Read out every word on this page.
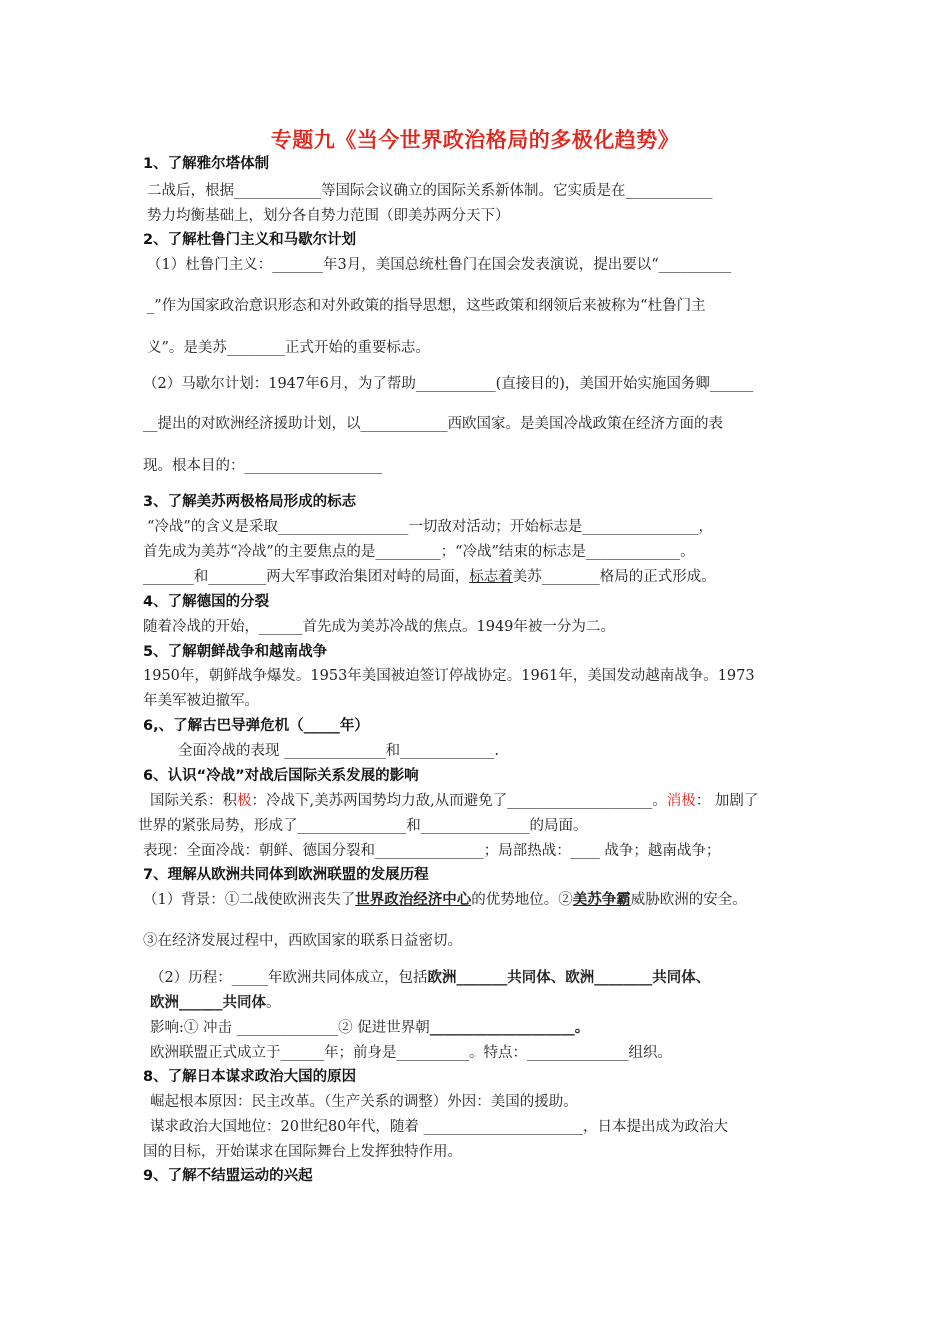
专题九《当今世界政治格局的多极化趋势》
1、了解雅尔塔体制
二战后，根据____________等国际会议确立的国际关系新体制。它实质是在____________
势力均衡基础上，划分各自势力范围（即美苏两分天下）
2、了解杜鲁门主义和马歇尔计划
（1）杜鲁门主义：_______年3月，美国总统杜鲁门在国会发表演说，提出要以“__________
_”作为国家政治意识形态和对外政策的指导思想，这些政策和纲领后来被称为“杜鲁门主
义”。是美苏________正式开始的重要标志。
（2）马歇尔计划：1947年6月，为了帮助___________(直接目的)，美国开始实施国务卿______
__提出的对欧洲经济援助计划，以____________西欧国家。是美国冷战政策在经济方面的表
现。根本目的：___________________
3、了解美苏两极格局形成的标志
“冷战”的含义是采取__________________一切敌对活动；开始标志是________________，
首先成为美苏“冷战”的主要焦点的是_________；“冷战”结束的标志是_____________。
_______和________两大军事政治集团对峙的局面，标志着美苏________格局的正式形成。
4、了解德国的分裂
随着冷战的开始，______首先成为美苏冷战的焦点。1949年被一分为二。
5、了解朝鲜战争和越南战争
1950年，朝鲜战争爆发。1953年美国被迫签订停战协定。1961年，美国发动越南战争。1973
年美军被迫撤军。
6,、了解古巴导弹危机（_____年）
全面冷战的表现 ______________和_____________.
6、认识“冷战”对战后国际关系发展的影响
国际关系：积极：冷战下,美苏两国势均力敌,从而避免了____________________。消极： 加剧了
世界的紧张局势，形成了_______________和_______________的局面。
表现：全面冷战：朝鲜、德国分裂和_______________；局部热战：____ 战争；越南战争；
7、理解从欧洲共同体到欧洲联盟的发展历程
（1）背景：①二战使欧洲丧失了世界政治经济中心的优势地位。②美苏争霸威胁欧洲的安全。
③在经济发展过程中，西欧国家的联系日益密切。
（2）历程：_____年欧洲共同体成立，包括欧洲_______共同体、欧洲________共同体、
欧洲______共同体。
影响:① 冲击 ______________② 促进世界朝____________________。
欧洲联盟正式成立于______年；前身是__________。特点：______________组织。
8、了解日本谋求政治大国的原因
崛起根本原因：民主改革。（生产关系的调整）外因：美国的援助。
谋求政治大国地位：20世纪80年代，随着 ______________________，日本提出成为政治大
国的目标，开始谋求在国际舞台上发挥独特作用。
9、了解不结盟运动的兴起
